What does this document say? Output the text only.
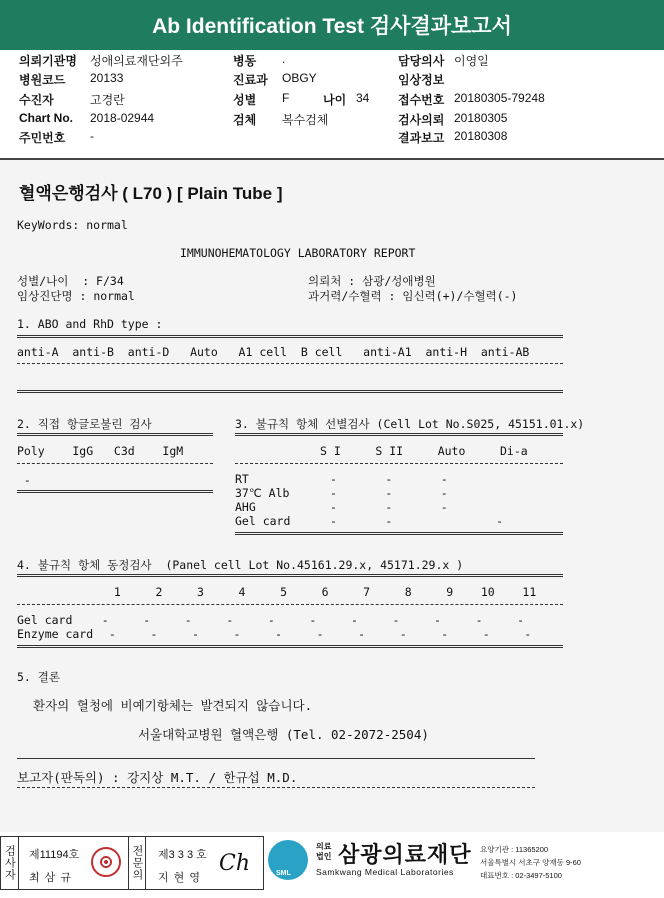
Ab Identification Test 검사결과보고서
의뢰기관명 성애의료재단외주	병동 .	담당의사 이영일
병원코드 20133	진료과 OBGY	임상정보
수진자	고경란	성별 F	나이 34 접수번호 20180305-79248
Chart No. 2018-02944	검체 복수검체	검사의뢰 20180305
주민번호 -	결과보고 20180308
혈액은행검사 ( L70 ) [ Plain Tube ]
KeyWords: normal
IMMUNOHEMATOLOGY LABORATORY REPORT
성별/나이  : F/34	의뢰처 : 삼광/성애병원
임상진단명 : normal	과거력/수혈력 : 임신력(+)/수혈력(-)
1. ABO and RhD type :
anti-A  anti-B  anti-D   Auto   A1 cell  B cell   anti-A1  anti-H  anti-AB
2. 직접 항글로불린 검사
Poly    IgG   C3d    IgM
-
3. 불규칙 항체 선별검사 (Cell Lot No.S025, 45151.01.x)
S I     S II     Auto     Di-a
RT	-       -       -
37℃ Alb	-       -       -
AHG	-       -       -
Gel card	-       -               -
4. 불규칙 항체 동정검사  (Panel cell Lot No.45161.29.x, 45171.29.x )
1     2     3     4     5     6     7     8     9    10    11
Gel card -     -     -     -     -     -     -     -     -     -     -
Enzyme card -     -     -     -     -     -     -     -     -     -     -
5. 결론
환자의 혈청에 비예기항체는 발견되지 않습니다.
서울대학교병원 혈액은행 (Tel. 02-2072-2504)
보고자(판독의) : 강지상 M.T. / 한규섭 M.D.
검사자 제11194호
최 삼 규	전문의 제3 3 3 호
지 현 영
Ch	SML
의료
법인 삼광의료재단
Samkwang Medical Laboratories
요양기관 : 11365200
서울특별시 서초구 양재동 9-60
대표번호 : 02-3497-5100
